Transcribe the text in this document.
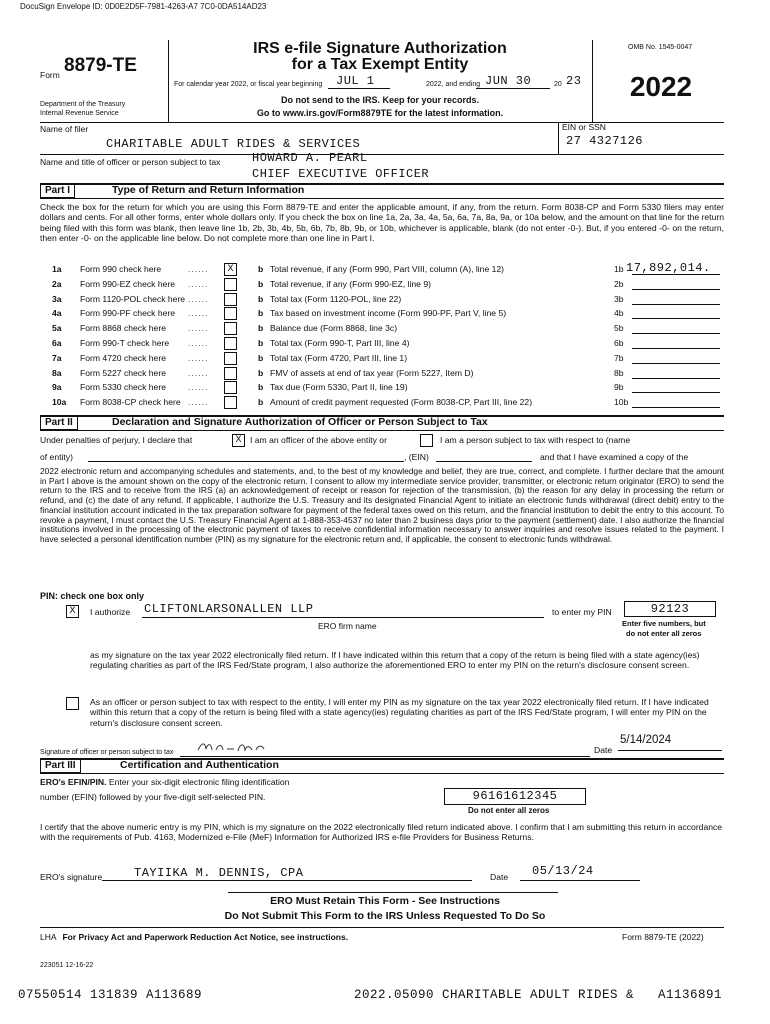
DocuSign Envelope ID: 0D0E2D5F-7981-4263-A7 7C0-0DA514AD23
Form 8879-TE
Department of the Treasury
Internal Revenue Service
IRS e-file Signature Authorization
for a Tax Exempt Entity
For calendar year 2022, or fiscal year beginning JUL 1	2022, and ending JUN 30	20 23
Do not send to the IRS. Keep for your records.
Go to www.irs.gov/Form8879TE for the latest information.
OMB No. 1545-0047
2022
Name of filer
CHARITABLE ADULT RIDES & SERVICES
EIN or SSN
27 4327126
Name and title of officer or person subject to tax	HOWARD A. PEARL
CHIEF EXECUTIVE OFFICER
Part I	Type of Return and Return Information
Check the box for the return for which you are using this Form 8879-TE and enter the applicable amount, if any, from the return. Form 8038-CP and Form 5330 filers may enter dollars and cents. For all other forms, enter whole dollars only. If you check the box on line 1a, 2a, 3a, 4a, 5a, 6a, 7a, 8a, 9a, or 10a below, and the amount on that line for the return being filed with this form was blank, then leave line 1b, 2b, 3b, 4b, 5b, 6b, 7b, 8b, 9b, or 10b, whichever is applicable, blank (do not enter -0-). But, if you entered -0- on the return, then enter -0- on the applicable line below. Do not complete more than one line in Part I.
1a Form 990 check here	......	X	b Total revenue, if any (Form 990, Part VIII, column (A), line 12)	1b 17,892,014.
2a Form 990-EZ check here ......	b Total revenue, if any (Form 990-EZ, line 9)	2b
3a Form 1120-POL check here ......	b Total tax (Form 1120-POL, line 22)	3b
4a Form 990-PF check here ......	b Tax based on investment income (Form 990-PF, Part V, line 5)	4b
5a Form 8868 check here	......	b Balance due (Form 8868, line 3c)	5b
6a Form 990-T check here ......	b Total tax (Form 990-T, Part III, line 4)	6b
7a Form 4720 check here	......	b Total tax (Form 4720, Part III, line 1)	7b
8a Form 5227 check here	......	b FMV of assets at end of tax year (Form 5227, Item D)	8b
9a Form 5330 check here	......	b Tax due (Form 5330, Part II, line 19)	9b
10a Form 8038-CP check here ......	b Amount of credit payment requested (Form 8038-CP, Part III, line 22)	10b
Part II	Declaration and Signature Authorization of Officer or Person Subject to Tax
Under penalties of perjury, I declare that	X I am an officer of the above entity or	I am a person subject to tax with respect to (name
of entity)	, (EIN)	and that I have examined a copy of the
2022 electronic return and accompanying schedules and statements, and, to the best of my knowledge and belief, they are true, correct, and complete. I further declare that the amount in Part I above is the amount shown on the copy of the electronic return. I consent to allow my intermediate service provider, transmitter, or electronic return originator (ERO) to send the return to the IRS and to receive from the IRS (a) an acknowledgement of receipt or reason for rejection of the transmission, (b) the reason for any delay in processing the return or refund, and (c) the date of any refund. If applicable, I authorize the U.S. Treasury and its designated Financial Agent to initiate an electronic funds withdrawal (direct debit) entry to the financial institution account indicated in the tax preparation software for payment of the federal taxes owed on this return, and the financial institution to debit the entry to this account. To revoke a payment, I must contact the U.S. Treasury Financial Agent at 1-888-353-4537 no later than 2 business days prior to the payment (settlement) date. I also authorize the financial institutions involved in the processing of the electronic payment of taxes to receive confidential information necessary to answer inquiries and resolve issues related to the payment. I have selected a personal identification number (PIN) as my signature for the electronic return and, if applicable, the consent to electronic funds withdrawal.
PIN: check one box only
X	I authorize CLIFTONLARSONALLEN LLP
ERO firm name
to enter my PIN	92123
Enter five numbers, but
do not enter all zeros
as my signature on the tax year 2022 electronically filed return. If I have indicated within this return that a copy of the return is being filed with a state agency(ies) regulating charities as part of the IRS Fed/State program, I also authorize the aforementioned ERO to enter my PIN on the return's disclosure consent screen.
As an officer or person subject to tax with respect to the entity, I will enter my PIN as my signature on the tax year 2022 electronically filed return. If I have indicated within this return that a copy of the return is being filed with a state agency(ies) regulating charities as part of the IRS Fed/State program, I will enter my PIN on the return's disclosure consent screen.
Signature of officer or person subject to tax	Date
5/14/2024
Part III	Certification and Authentication
ERO's EFIN/PIN. Enter your six-digit electronic filing identification
number (EFIN) followed by your five-digit self-selected PIN.	96161612345
Do not enter all zeros
I certify that the above numeric entry is my PIN, which is my signature on the 2022 electronically filed return indicated above. I confirm that I am submitting this return in accordance with the requirements of Pub. 4163, Modernized e-File (MeF) Information for Authorized IRS e-file Providers for Business Returns.
ERO's signature	TAYIIKA M. DENNIS, CPA	Date 05/13/24
ERO Must Retain This Form - See Instructions
Do Not Submit This Form to the IRS Unless Requested To Do So
LHA For Privacy Act and Paperwork Reduction Act Notice, see instructions.	Form 8879-TE (2022)
223051 12-16-22
07550514 131839 A113689	2022.05090 CHARITABLE ADULT RIDES &   A1136891
